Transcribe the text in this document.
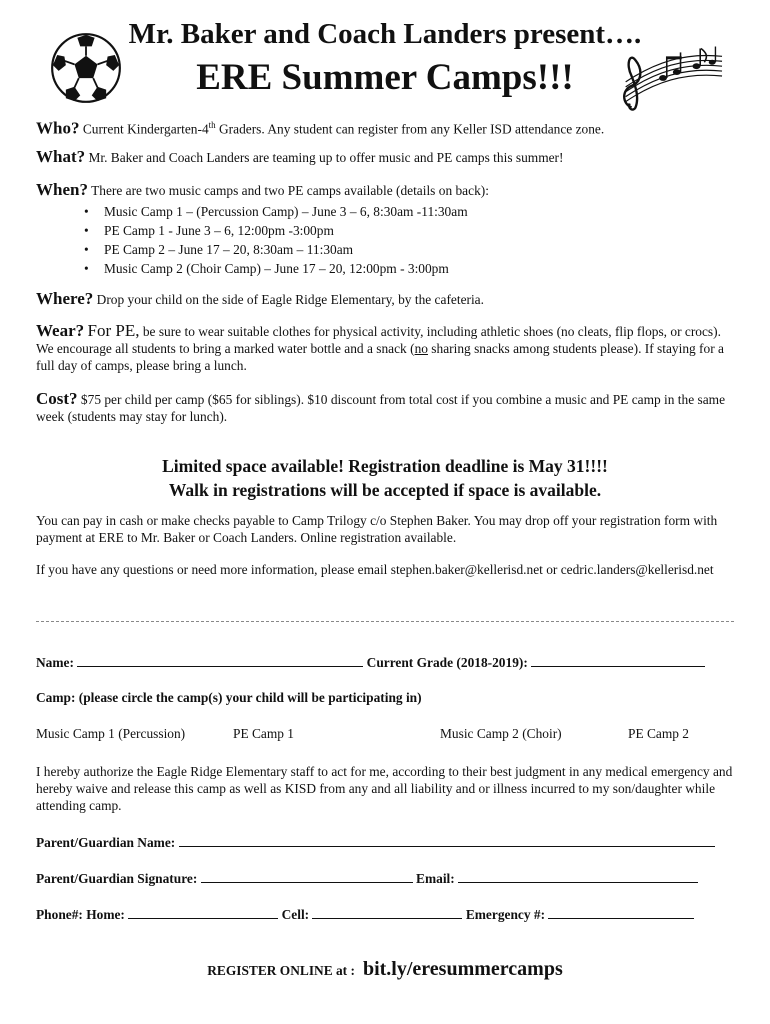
Mr. Baker and Coach Landers present….
ERE Summer Camps!!!
Who? Current Kindergarten-4th Graders. Any student can register from any Keller ISD attendance zone.
What? Mr. Baker and Coach Landers are teaming up to offer music and PE camps this summer!
When? There are two music camps and two PE camps available (details on back):
• Music Camp 1 – (Percussion Camp) – June 3 – 6, 8:30am -11:30am
• PE Camp 1 - June 3 – 6, 12:00pm -3:00pm
• PE Camp 2 – June 17 – 20, 8:30am – 11:30am
• Music Camp 2 (Choir Camp) – June 17 – 20, 12:00pm - 3:00pm
Where? Drop your child on the side of Eagle Ridge Elementary, by the cafeteria.
Wear? For PE, be sure to wear suitable clothes for physical activity, including athletic shoes (no cleats, flip flops, or crocs). We encourage all students to bring a marked water bottle and a snack (no sharing snacks among students please). If staying for a full day of camps, please bring a lunch.
Cost? $75 per child per camp ($65 for siblings). $10 discount from total cost if you combine a music and PE camp in the same week (students may stay for lunch).
Limited space available! Registration deadline is May 31!!!!
Walk in registrations will be accepted if space is available.
You can pay in cash or make checks payable to Camp Trilogy c/o Stephen Baker. You may drop off your registration form with payment at ERE to Mr. Baker or Coach Landers. Online registration available.
If you have any questions or need more information, please email stephen.baker@kellerisd.net or cedric.landers@kellerisd.net
Name:	Current Grade (2018-2019):
Camp: (please circle the camp(s) your child will be participating in)
Music Camp 1 (Percussion)	PE Camp 1	Music Camp 2 (Choir)	PE Camp 2
I hereby authorize the Eagle Ridge Elementary staff to act for me, according to their best judgment in any medical emergency and hereby waive and release this camp as well as KISD from any and all liability and or illness incurred to my son/daughter while attending camp.
Parent/Guardian Name:
Parent/Guardian Signature:	Email:
Phone#: Home:	Cell:	Emergency #:
REGISTER ONLINE at : bit.ly/eresummercamps
